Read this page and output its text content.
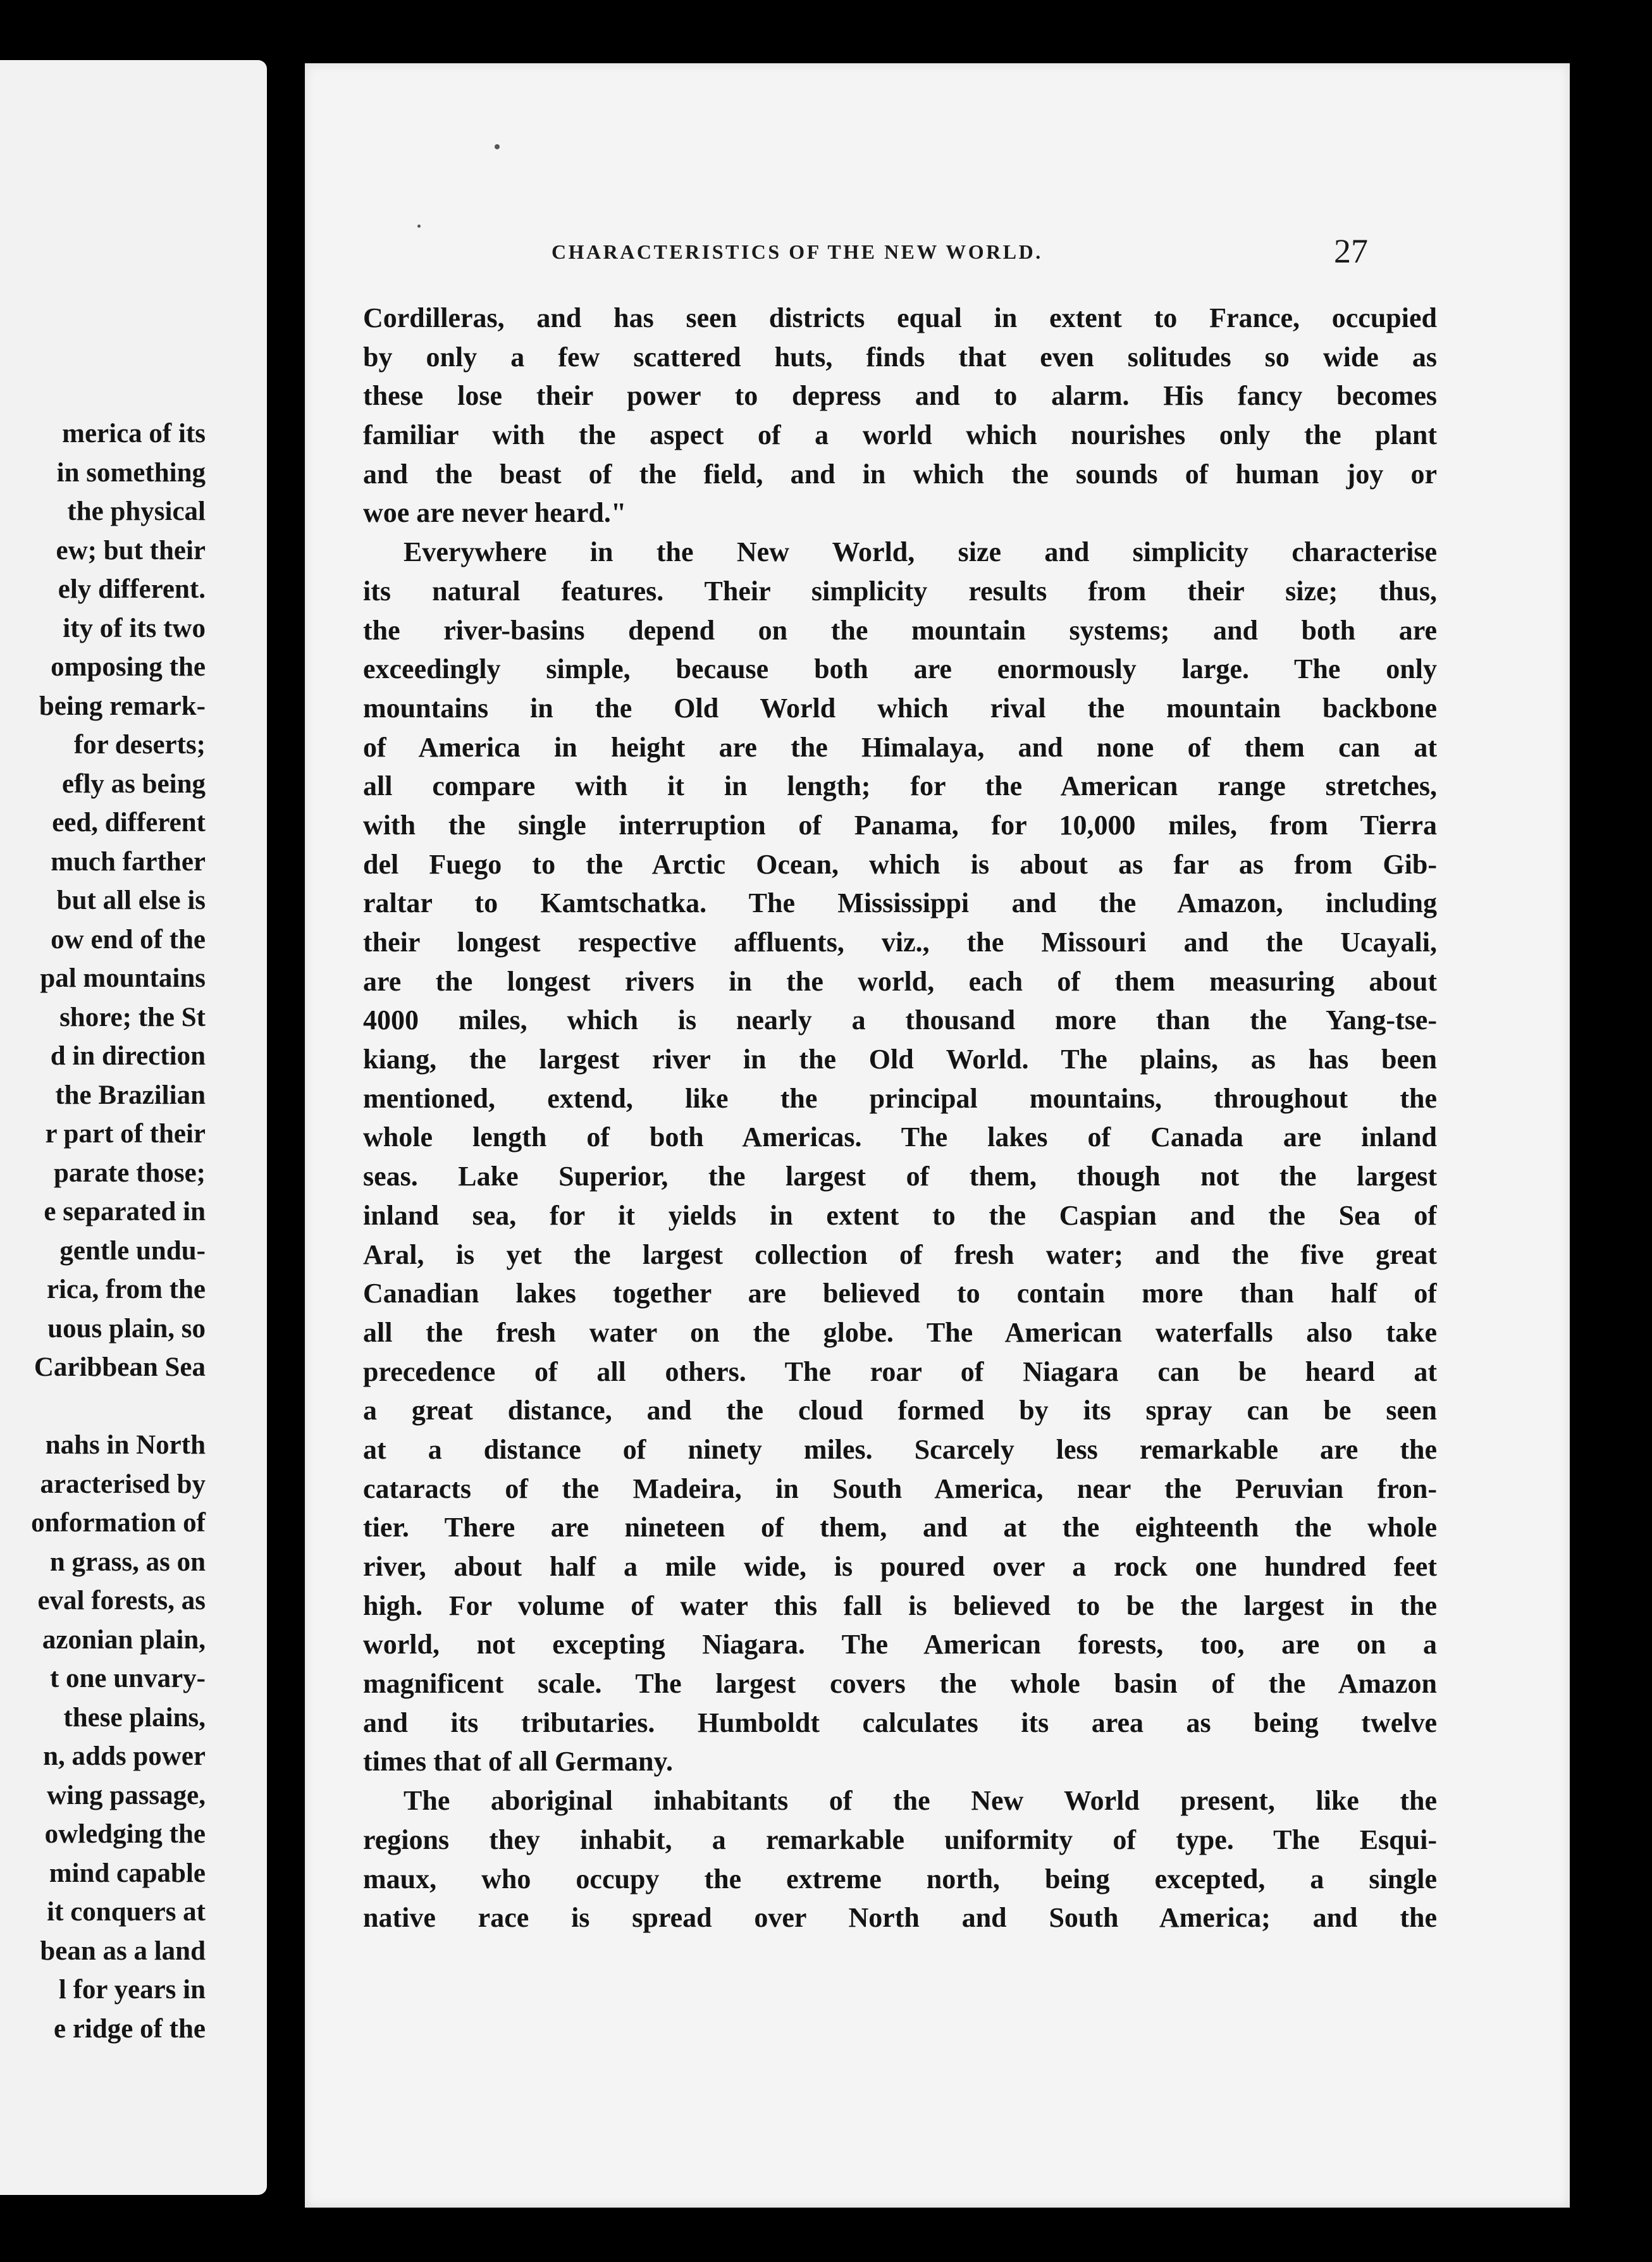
​merica of its
in something
the physical
ew; but their
ely different.
ity of its two
omposing the
being remark-
for deserts;
efly as being
eed, different
much farther
but all else is
ow end of the
pal mountains
shore; the St
d in direction
the Brazilian
r part of their
parate those;
e separated in
gentle undu-
rica, from the
uous plain, so
Caribbean Sea
nahs in North
aracterised by
onformation of
n grass, as on
eval forests, as
azonian plain,
t one unvary-
these plains,
n, adds power
wing passage,
owledging the
mind capable
it conquers at
bean as a land
l for years in
e ridge of the
CHARACTERISTICS OF THE NEW WORLD.	27
Cordilleras, and has seen districts equal in extent to France, occupied
by only a few scattered huts, finds that even solitudes so wide as
these lose their power to depress and to alarm. His fancy becomes
familiar with the aspect of a world which nourishes only the plant
and the beast of the field, and in which the sounds of human joy or
woe are never heard."
Everywhere in the New World, size and simplicity characterise
its natural features. Their simplicity results from their size; thus,
the river-basins depend on the mountain systems; and both are
exceedingly simple, because both are enormously large. The only
mountains in the Old World which rival the mountain backbone
of America in height are the Himalaya, and none of them can at
all compare with it in length; for the American range stretches,
with the single interruption of Panama, for 10,000 miles, from Tierra
del Fuego to the Arctic Ocean, which is about as far as from Gib-
raltar to Kamtschatka. The Mississippi and the Amazon, including
their longest respective affluents, viz., the Missouri and the Ucayali,
are the longest rivers in the world, each of them measuring about
4000 miles, which is nearly a thousand more than the Yang-tse-
kiang, the largest river in the Old World. The plains, as has been
mentioned, extend, like the principal mountains, throughout the
whole length of both Americas. The lakes of Canada are inland
seas. Lake Superior, the largest of them, though not the largest
inland sea, for it yields in extent to the Caspian and the Sea of
Aral, is yet the largest collection of fresh water; and the five great
Canadian lakes together are believed to contain more than half of
all the fresh water on the globe. The American waterfalls also take
precedence of all others. The roar of Niagara can be heard at
a great distance, and the cloud formed by its spray can be seen
at a distance of ninety miles. Scarcely less remarkable are the
cataracts of the Madeira, in South America, near the Peruvian fron-
tier. There are nineteen of them, and at the eighteenth the whole
river, about half a mile wide, is poured over a rock one hundred feet
high. For volume of water this fall is believed to be the largest in the
world, not excepting Niagara. The American forests, too, are on a
magnificent scale. The largest covers the whole basin of the Amazon
and its tributaries. Humboldt calculates its area as being twelve
times that of all Germany.
The aboriginal inhabitants of the New World present, like the
regions they inhabit, a remarkable uniformity of type. The Esqui-
maux, who occupy the extreme north, being excepted, a single
native race is spread over North and South America; and the
